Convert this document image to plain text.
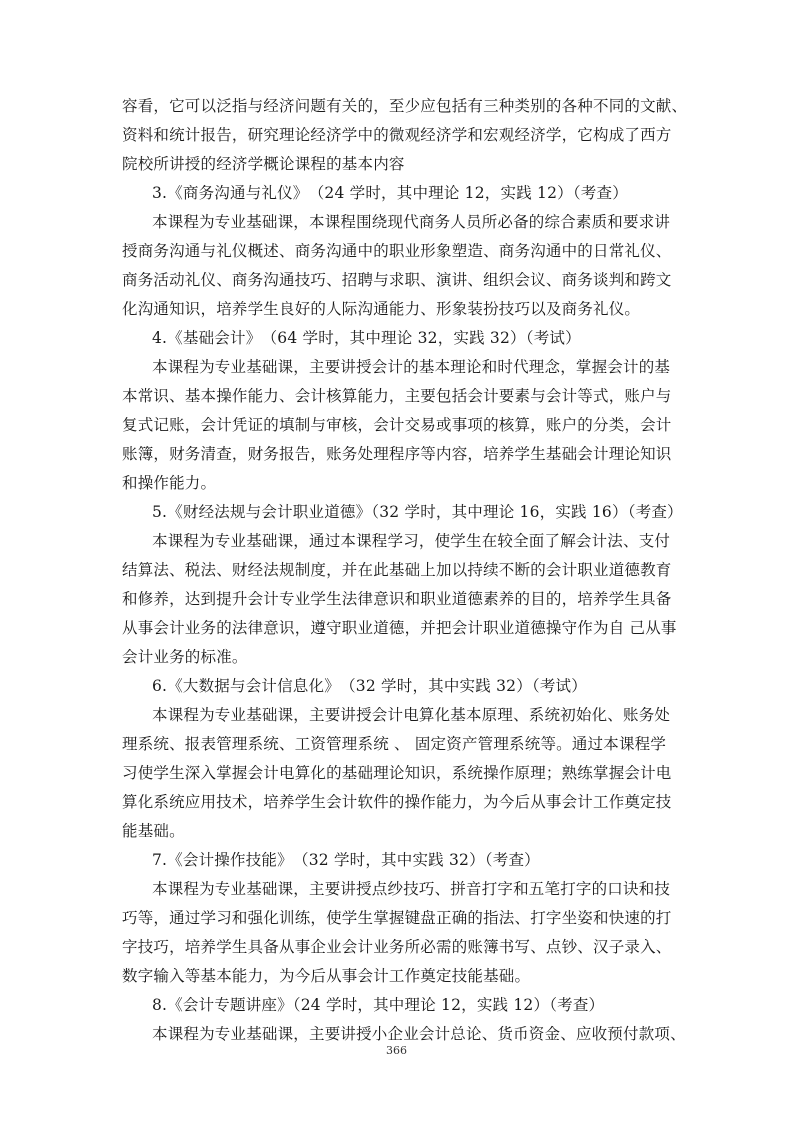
容看，它可以泛指与经济问题有关的，至少应包括有三种类别的各种不同的文献、
资料和统计报告，研究理论经济学中的微观经济学和宏观经济学，它构成了西方
院校所讲授的经济学概论课程的基本内容
3.《商务沟通与礼仪》　（24 学时，其中理论 12，实践 12）（考查）
本课程为专业基础课，本课程围绕现代商务人员所必备的综合素质和要求讲
授商务沟通与礼仪概述、商务沟通中的职业形象塑造、商务沟通中的日常礼仪、
商务活动礼仪、商务沟通技巧、招聘与求职、演讲、组织会议、商务谈判和跨文
化沟通知识，培养学生良好的人际沟通能力、形象装扮技巧以及商务礼仪。
4.《基础会计》　（64 学时，其中理论 32，实践 32）（考试）
本课程为专业基础课，主要讲授会计的基本理论和时代理念，掌握会计的基
本常识、基本操作能力、会计核算能力，主要包括会计要素与会计等式，账户与
复式记账，会计凭证的填制与审核，会计交易或事项的核算，账户的分类，会计
账簿，财务清查，财务报告，账务处理程序等内容，培养学生基础会计理论知识
和操作能力。
5.《财经法规与会计职业道德》（32 学时，其中理论 16，实践 16）（考查）
本课程为专业基础课，通过本课程学习，使学生在较全面了解会计法、支付
结算法、税法、财经法规制度，并在此基础上加以持续不断的会计职业道德教育
和修养，达到提升会计专业学生法律意识和职业道德素养的目的，培养学生具备
从事会计业务的法律意识，遵守职业道德，并把会计职业道德操守作为自 己从事
会计业务的标准。
6.《大数据与会计信息化》　（32 学时，其中实践 32）（考试）
本课程为专业基础课，主要讲授会计电算化基本原理、系统初始化、账务处
理系统、报表管理系统、工资管理系统 、 固定资产管理系统等。通过本课程学
习使学生深入掌握会计电算化的基础理论知识，系统操作原理；熟练掌握会计电
算化系统应用技术，培养学生会计软件的操作能力，为今后从事会计工作奠定技
能基础。
7.《会计操作技能》　（32 学时，其中实践 32）（考查）
本课程为专业基础课，主要讲授点纱技巧、拼音打字和五笔打字的口诀和技
巧等，通过学习和强化训练，使学生掌握键盘正确的指法、打字坐姿和快速的打
字技巧，培养学生具备从事企业会计业务所必需的账簿书写、点钞、汉子录入、
数字输入等基本能力，为今后从事会计工作奠定技能基础。
8.《会计专题讲座》（24 学时，其中理论 12，实践 12）（考查）
本课程为专业基础课，主要讲授小企业会计总论、货币资金、应收预付款项、
366
